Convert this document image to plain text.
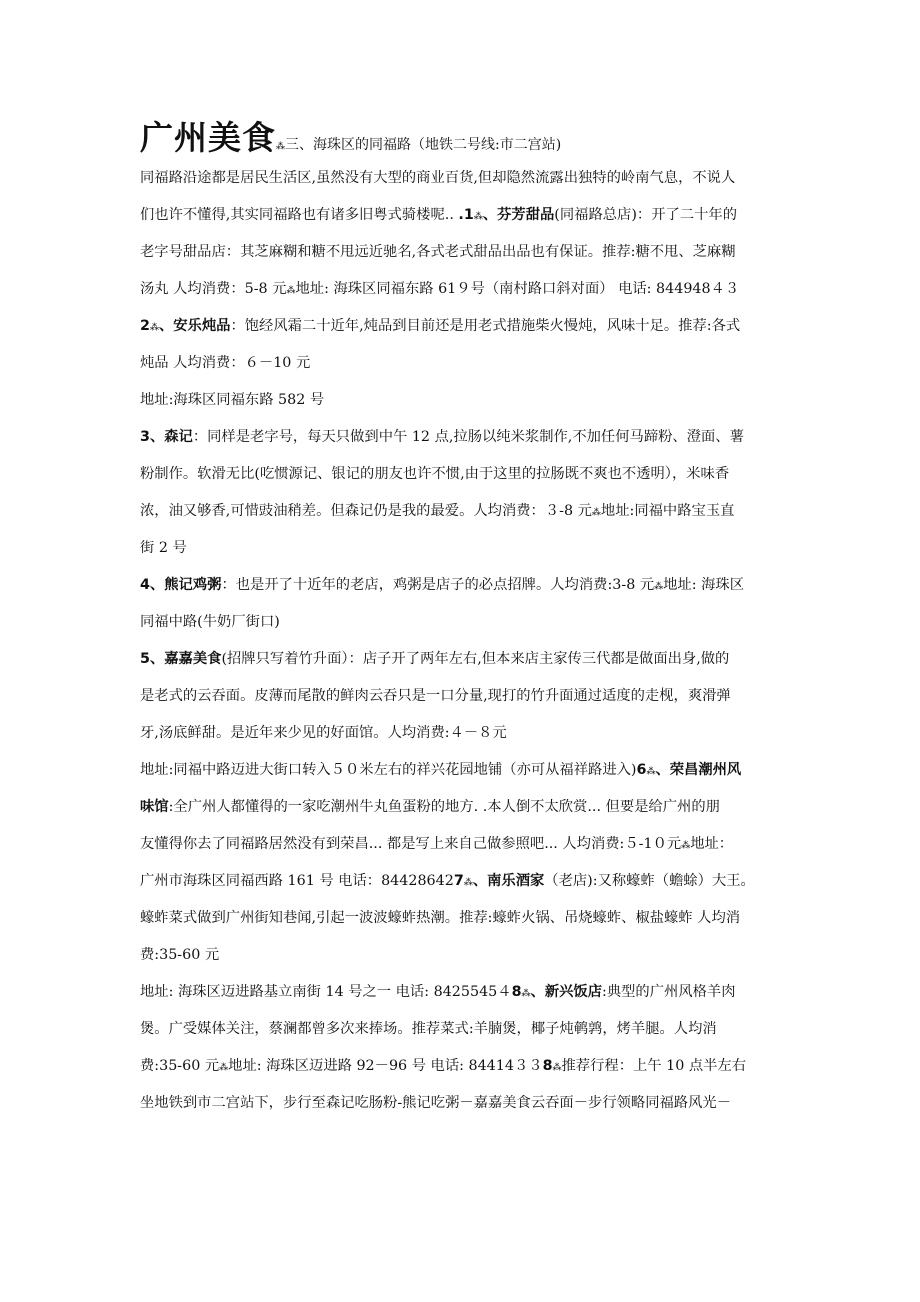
广州美食⁂三、海珠区的同福路（地铁二号线:市二宫站)
同福路沿途都是居民生活区,虽然没有大型的商业百货,但却隐然流露出独特的岭南气息，不说人
们也许不懂得,其实同福路也有诸多旧粤式骑楼呢.. .1⁂、芬芳甜品(同福路总店)：开了二十年的
老字号甜品店：其芝麻糊和糖不甩远近驰名,各式老式甜品出品也有保证。推荐:糖不甩、芝麻糊
汤丸 人均消费：5-8 元⁂地址: 海珠区同福东路 61９号（南村路口斜对面） 电话: 844948４３
2⁂、安乐炖品：饱经风霜二十近年,炖品到目前还是用老式措施柴火慢炖，风味十足。推荐:各式
炖品 人均消费：６－10 元
地址:海珠区同福东路 582 号
3、森记：同样是老字号，每天只做到中午 12 点,拉肠以纯米浆制作,不加任何马蹄粉、澄面、薯
粉制作。软滑无比(吃惯源记、银记的朋友也许不惯,由于这里的拉肠既不爽也不透明），米味香
浓，油又够香,可惜豉油稍差。但森记仍是我的最爱。人均消费：３-8 元⁂地址:同福中路宝玉直
街 2 号
4、熊记鸡粥：也是开了十近年的老店，鸡粥是店子的必点招牌。人均消费:3-8 元⁂地址: 海珠区
同福中路(牛奶厂街口)
5、嘉嘉美食(招牌只写着竹升面）：店子开了两年左右,但本来店主家传三代都是做面出身,做的
是老式的云吞面。皮薄而尾散的鲜肉云吞只是一口分量,现打的竹升面通过适度的走枧，爽滑弹
牙,汤底鲜甜。是近年来少见的好面馆。人均消费:４－８元
地址:同福中路迈进大街口转入５０米左右的祥兴花园地铺（亦可从福祥路进入)6⁂、荣昌潮州风
味馆:全广州人都懂得的一家吃潮州牛丸鱼蛋粉的地方. .本人倒不太欣赏... 但要是给广州的朋
友懂得你去了同福路居然没有到荣昌... 都是写上来自己做参照吧... 人均消费:５-1０元⁂地址：
广州市海珠区同福西路 161 号 电话：844286427⁂、南乐酒家（老店):又称蠔蚱（蟾蜍）大王。
蠔蚱菜式做到广州街知巷闻,引起一波波蠔蚱热潮。推荐:蠔蚱火锅、吊烧蠔蚱、椒盐蠔蚱 人均消
费:35-60 元
地址: 海珠区迈进路基立南街 14 号之一 电话: 8425545４8⁂、新兴饭店:典型的广州风格羊肉
煲。广受媒体关注，蔡澜都曾多次来捧场。推荐菜式:羊腩煲，椰子炖鹌鹑，烤羊腿。人均消
费:35-60 元⁂地址: 海珠区迈进路 92－96 号 电话: 84414３３8⁂推荐行程：上午 10 点半左右
坐地铁到市二宫站下，步行至森记吃肠粉-熊记吃粥－嘉嘉美食云吞面－步行领略同福路风光－
